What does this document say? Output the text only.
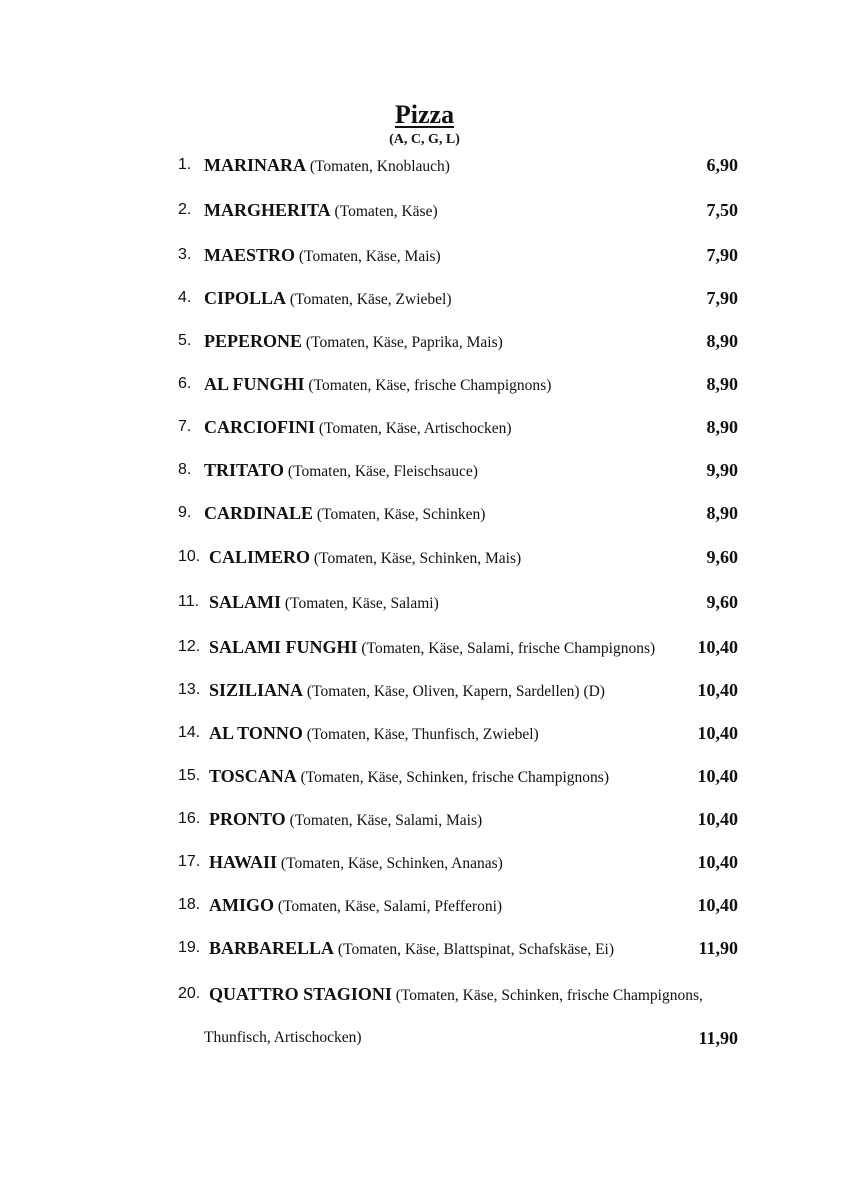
Pizza
(A, C, G, L)
1. MARINARA (Tomaten, Knoblauch)	6,90
2. MARGHERITA (Tomaten, Käse)	7,50
3. MAESTRO (Tomaten, Käse, Mais)	7,90
4. CIPOLLA (Tomaten, Käse, Zwiebel)	7,90
5. PEPERONE (Tomaten, Käse, Paprika, Mais)	8,90
6. AL FUNGHI (Tomaten, Käse, frische Champignons)	8,90
7. CARCIOFINI (Tomaten, Käse, Artischocken)	8,90
8. TRITATO (Tomaten, Käse, Fleischsauce)	9,90
9. CARDINALE (Tomaten, Käse, Schinken)	8,90
10. CALIMERO (Tomaten, Käse, Schinken, Mais)	9,60
11. SALAMI (Tomaten, Käse, Salami)	9,60
12. SALAMI FUNGHI (Tomaten, Käse, Salami, frische Champignons) 10,40
13. SIZILIANA (Tomaten, Käse, Oliven, Kapern, Sardellen) (D)	10,40
14. AL TONNO (Tomaten, Käse, Thunfisch, Zwiebel)	10,40
15. TOSCANA (Tomaten, Käse, Schinken, frische Champignons)	10,40
16. PRONTO (Tomaten, Käse, Salami, Mais)	10,40
17. HAWAII (Tomaten, Käse, Schinken, Ananas)	10,40
18. AMIGO (Tomaten, Käse, Salami, Pfefferoni)	10,40
19. BARBARELLA (Tomaten, Käse, Blattspinat, Schafskäse, Ei)	11,90
20. QUATTRO STAGIONI (Tomaten, Käse, Schinken, frische Champignons,
Thunfisch, Artischocken)	11,90
